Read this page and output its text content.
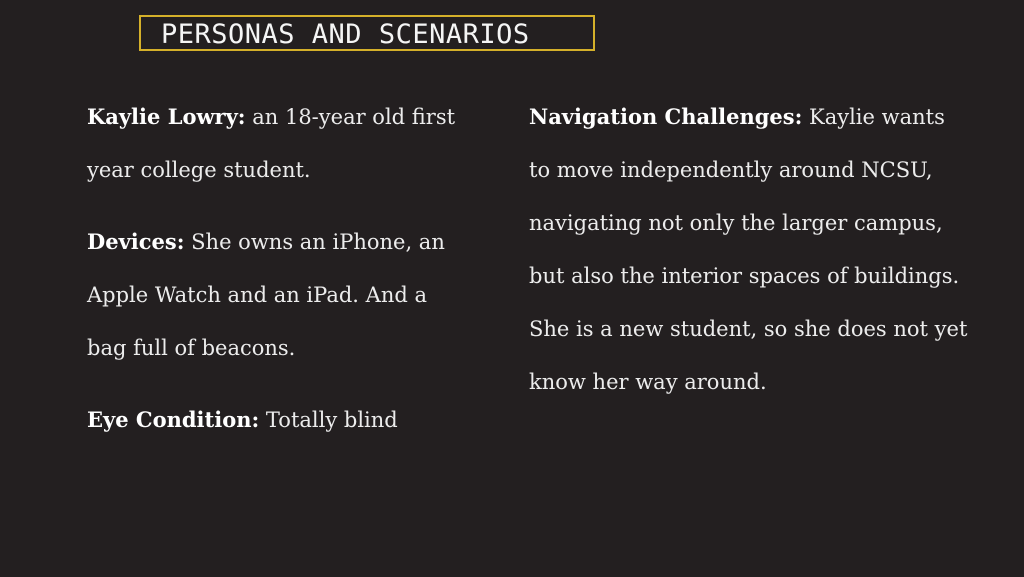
PERSONAS AND SCENARIOS

Kaylie Lowry: an 18-year old first year college student.

Devices: She owns an iPhone, an Apple Watch and an iPad. And a bag full of beacons.

Eye Condition: Totally blind

Navigation Challenges: Kaylie wants to move independently around NCSU, navigating not only the larger campus, but also the interior spaces of buildings. She is a new student, so she does not yet know her way around.
